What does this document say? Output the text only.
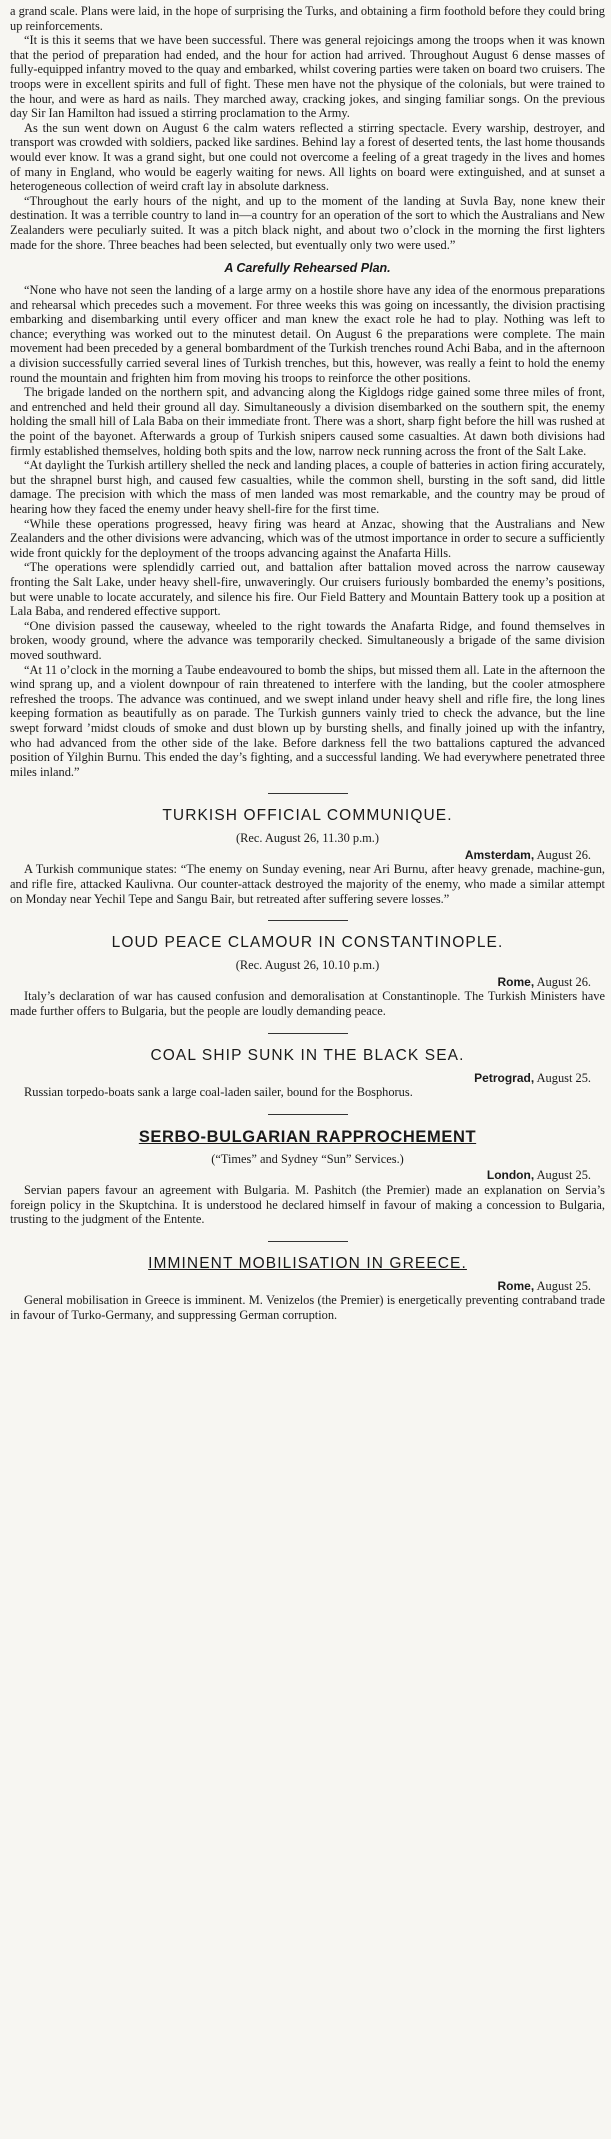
a grand scale. Plans were laid, in the hope of surprising the Turks, and obtaining a firm foothold before they could bring up reinforcements.

“It is this it seems that we have been successful. There was general rejoicings among the troops when it was known that the period of preparation had ended, and the hour for action had arrived. Throughout August 6 dense masses of fully-equipped infantry moved to the quay and embarked, whilst covering parties were taken on board two cruisers. The troops were in excellent spirits and full of fight. These men have not the physique of the colonials, but were trained to the hour, and were as hard as nails. They marched away, cracking jokes, and singing familiar songs. On the previous day Sir Ian Hamilton had issued a stirring proclamation to the Army.

As the sun went down on August 6 the calm waters reflected a stirring spectacle. Every warship, destroyer, and transport was crowded with soldiers, packed like sardines. Behind lay a forest of deserted tents, the last home thousands would ever know. It was a grand sight, but one could not overcome a feeling of a great tragedy in the lives and homes of many in England, who would be eagerly waiting for news. All lights on board were extinguished, and at sunset a heterogeneous collection of weird craft lay in absolute darkness.

“Throughout the early hours of the night, and up to the moment of the landing at Suvla Bay, none knew their destination. It was a terrible country to land in—a country for an operation of the sort to which the Australians and New Zealanders were peculiarly suited. It was a pitch black night, and about two o’clock in the morning the first lighters made for the shore. Three beaches had been selected, but eventually only two were used.”

A Carefully Rehearsed Plan.

“None who have not seen the landing of a large army on a hostile shore have any idea of the enormous preparations and rehearsal which precedes such a movement. For three weeks this was going on incessantly, the division practising embarking and disembarking until every officer and man knew the exact role he had to play. Nothing was left to chance; everything was worked out to the minutest detail. On August 6 the preparations were complete. The main movement had been preceded by a general bombardment of the Turkish trenches round Achi Baba, and in the afternoon a division successfully carried several lines of Turkish trenches, but this, however, was really a feint to hold the enemy round the mountain and frighten him from moving his troops to reinforce the other positions.

The brigade landed on the northern spit, and advancing along the Kigldogs ridge gained some three miles of front, and entrenched and held their ground all day. Simultaneously a division disembarked on the southern spit, the enemy holding the small hill of Lala Baba on their immediate front. There was a short, sharp fight before the hill was rushed at the point of the bayonet. Afterwards a group of Turkish snipers caused some casualties. At dawn both divisions had firmly established themselves, holding both spits and the low, narrow neck running across the front of the Salt Lake.

“At daylight the Turkish artillery shelled the neck and landing places, a couple of batteries in action firing accurately, but the shrapnel burst high, and caused few casualties, while the common shell, bursting in the soft sand, did little damage. The precision with which the mass of men landed was most remarkable, and the country may be proud of hearing how they faced the enemy under heavy shell-fire for the first time.

“While these operations progressed, heavy firing was heard at Anzac, showing that the Australians and New Zealanders and the other divisions were advancing, which was of the utmost importance in order to secure a sufficiently wide front quickly for the deployment of the troops advancing against the Anafarta Hills.

“The operations were splendidly carried out, and battalion after battalion moved across the narrow causeway fronting the Salt Lake, under heavy shell-fire, unwaveringly. Our cruisers furiously bombarded the enemy’s positions, but were unable to locate accurately, and silence his fire. Our Field Battery and Mountain Battery took up a position at Lala Baba, and rendered effective support.

“One division passed the causeway, wheeled to the right towards the Anafarta Ridge, and found themselves in broken, woody ground, where the advance was temporarily checked. Simultaneously a brigade of the same division moved southward.

“At 11 o’clock in the morning a Taube endeavoured to bomb the ships, but missed them all. Late in the afternoon the wind sprang up, and a violent downpour of rain threatened to interfere with the landing, but the cooler atmosphere refreshed the troops. The advance was continued, and we swept inland under heavy shell and rifle fire, the long lines keeping formation as beautifully as on parade. The Turkish gunners vainly tried to check the advance, but the line swept forward ’midst clouds of smoke and dust blown up by bursting shells, and finally joined up with the infantry, who had advanced from the other side of the lake. Before darkness fell the two battalions captured the advanced position of Yilghin Burnu. This ended the day’s fighting, and a successful landing. We had everywhere penetrated three miles inland.”

TURKISH OFFICIAL COMMUNIQUE.
(Rec. August 26, 11.30 p.m.)
Amsterdam, August 26.

A Turkish communique states: “The enemy on Sunday evening, near Ari Burnu, after heavy grenade, machine-gun, and rifle fire, attacked Kaulivna. Our counter-attack destroyed the majority of the enemy, who made a similar attempt on Monday near Yechil Tepe and Sangu Bair, but retreated after suffering severe losses.”

LOUD PEACE CLAMOUR IN CONSTANTINOPLE.
(Rec. August 26, 10.10 p.m.)
Rome, August 26.

Italy’s declaration of war has caused confusion and demoralisation at Constantinople. The Turkish Ministers have made further offers to Bulgaria, but the people are loudly demanding peace.

COAL SHIP SUNK IN THE BLACK SEA.
Petrograd, August 25.

Russian torpedo-boats sank a large coal-laden sailer, bound for the Bosphorus.

SERBO-BULGARIAN RAPPROCHEMENT
(“Times” and Sydney “Sun” Services.)
London, August 25.

Servian papers favour an agreement with Bulgaria. M. Pashitch (the Premier) made an explanation on Servia’s foreign policy in the Skuptchina. It is understood he declared himself in favour of making a concession to Bulgaria, trusting to the judgment of the Entente.

IMMINENT MOBILISATION IN GREECE.
Rome, August 25.

General mobilisation in Greece is imminent. M. Venizelos (the Premier) is energetically preventing contraband trade in favour of Turko-Germany, and suppressing German corruption.
